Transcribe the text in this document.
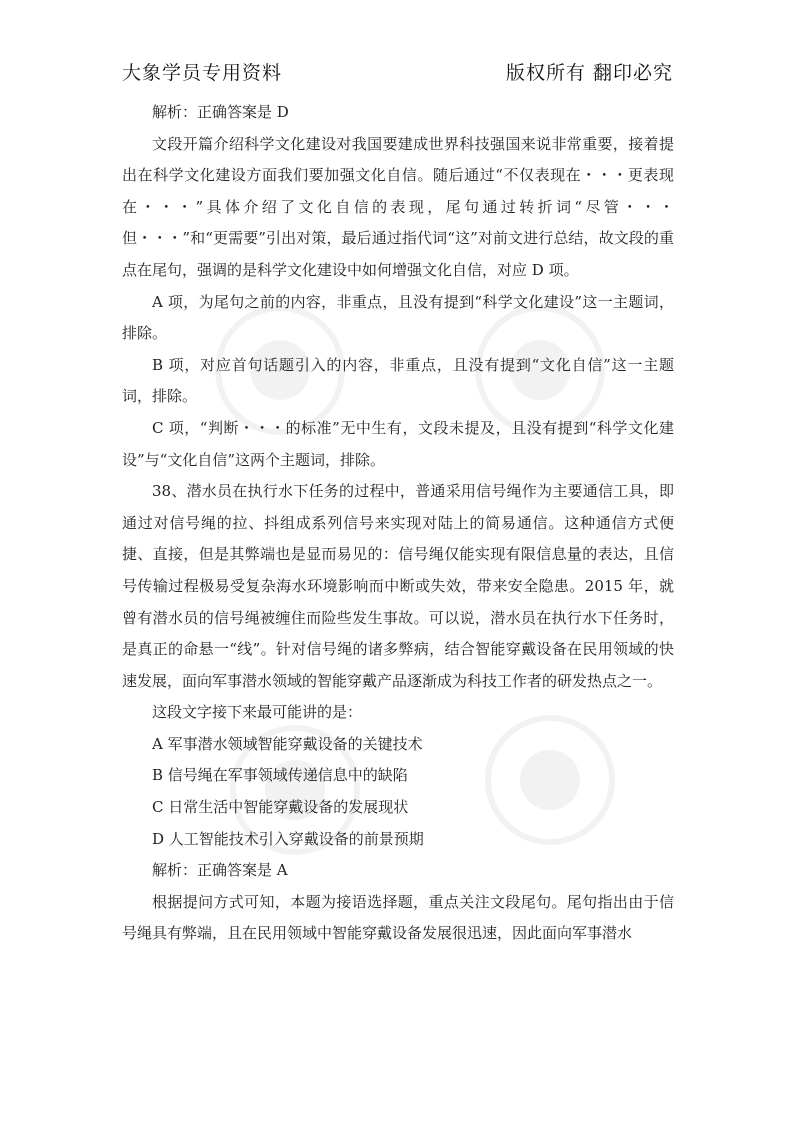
大象学员专用资料	版权所有 翻印必究

解析：正确答案是 D

文段开篇介绍科学文化建设对我国要建成世界科技强国来说非常重要，接着提出在科学文化建设方面我们要加强文化自信。随后通过“不仅表现在・・・更表现在・・・”具体介绍了文化自信的表现，尾句通过转折词“尽管・・・但・・・”和“更需要”引出对策，最后通过指代词“这”对前文进行总结，故文段的重点在尾句，强调的是科学文化建设中如何增强文化自信，对应 D 项。

A 项，为尾句之前的内容，非重点，且没有提到“科学文化建设”这一主题词，排除。

B 项，对应首句话题引入的内容，非重点，且没有提到“文化自信”这一主题词，排除。

C 项，“判断・・・的标准”无中生有，文段未提及，且没有提到“科学文化建设”与“文化自信”这两个主题词，排除。

38、潜水员在执行水下任务的过程中，普通采用信号绳作为主要通信工具，即通过对信号绳的拉、抖组成系列信号来实现对陆上的简易通信。这种通信方式便捷、直接，但是其弊端也是显而易见的：信号绳仅能实现有限信息量的表达，且信号传输过程极易受复杂海水环境影响而中断或失效，带来安全隐患。2015 年，就曾有潜水员的信号绳被缠住而险些发生事故。可以说，潜水员在执行水下任务时，是真正的命悬一“线”。针对信号绳的诸多弊病，结合智能穿戴设备在民用领域的快速发展，面向军事潜水领域的智能穿戴产品逐渐成为科技工作者的研发热点之一。

这段文字接下来最可能讲的是：

A 军事潜水领域智能穿戴设备的关键技术

B 信号绳在军事领域传递信息中的缺陷

C 日常生活中智能穿戴设备的发展现状

D 人工智能技术引入穿戴设备的前景预期

解析：正确答案是 A

根据提问方式可知，本题为接语选择题，重点关注文段尾句。尾句指出由于信号绳具有弊端，且在民用领域中智能穿戴设备发展很迅速，因此面向军事潜水
